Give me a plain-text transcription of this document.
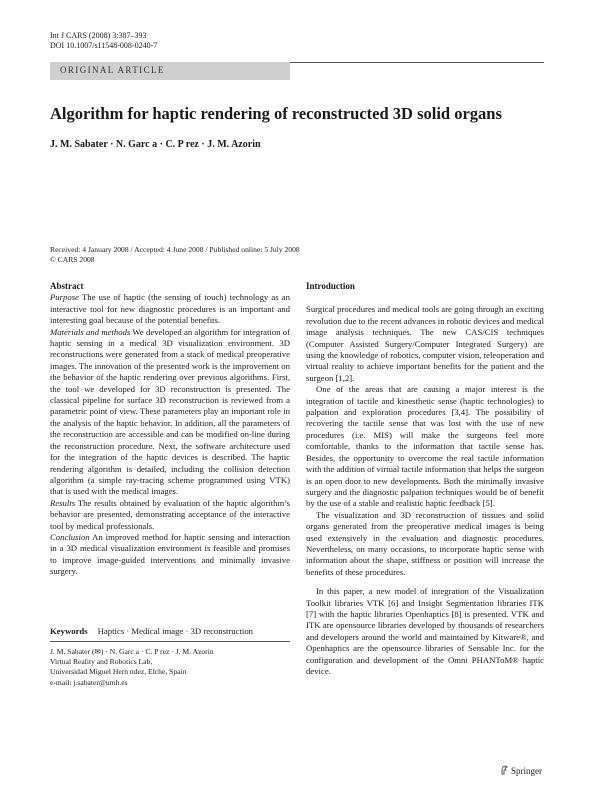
Int J CARS (2008) 3:387–393
DOI 10.1007/s11548-008-0240-7
ORIGINAL ARTICLE
Algorithm for haptic rendering of reconstructed 3D solid organs
J. M. Sabater · N. Garc a · C. P rez · J. M. Azorin
Received: 4 January 2008 / Accepted: 4 June 2008 / Published online: 5 July 2008
© CARS 2008
Abstract

Purpose The use of haptic (the sensing of touch) technology as an interactive tool for new diagnostic procedures is an important and interesting goal because of the potential benefits.

Materials and methods We developed an algorithm for integration of haptic sensing in a medical 3D visualization environment. 3D reconstructions were generated from a stack of medical preoperative images. The innovation of the presented work is the improvement on the behavior of the haptic rendering over previous algorithms. First, the tool we developed for 3D reconstruction is presented. The classical pipeline for surface 3D reconstruction is reviewed from a parametric point of view. These parameters play an important role in the analysis of the haptic behavior. In addition, all the parameters of the reconstruction are accessible and can be modified on-line during the reconstruction procedure. Next, the software architecture used for the integration of the haptic devices is described. The haptic rendering algorithm is detailed, including the collision detection algorithm (a simple ray-tracing scheme programmed using VTK) that is used with the medical images.

Results The results obtained by evaluation of the haptic algorithm’s behavior are presented, demonstrating acceptance of the interactive tool by medical professionals.

Conclusion An improved method for haptic sensing and interaction in a 3D medical visualization environment is feasible and promises to improve image-guided interventions and minimally invasive surgery.

Keywords Haptics · Medical image · 3D reconstruction
J. M. Sabater (✉) · N. Garc a · C. P rez · J. M. Azorin
Virtual Reality and Robotics Lab,
Universidad Miguel Hern ndez, Elche, Spain
e-mail: j.sabater@umh.es
Introduction

Surgical procedures and medical tools are going through an exciting revolution due to the recent advances in robotic devices and medical image analysis techniques. The new CAS/CIS techniques (Computer Assisted Surgery/Computer Integrated Surgery) are using the knowledge of robotics, computer vision, teleoperation and virtual reality to achieve important benefits for the patient and the surgeon [1,2].

One of the areas that are causing a major interest is the integration of tactile and kinesthetic sense (haptic technologies) to palpation and exploration procedures [3,4]. The possibility of recovering the tactile sense that was lost with the use of new procedures (i.e. MIS) will make the surgeons feel more comfortable, thanks to the information that tactile sense has. Besides, the opportunity to overcome the real tactile information with the addition of virtual tactile information that helps the surgeon is an open door to new developments. Both the minimally invasive surgery and the diagnostic palpation techniques would be of benefit by the use of a stable and realistic haptic feedback [5].

The visualization and 3D reconstruction of tissues and solid organs generated from the preoperative medical images is being used extensively in the evaluation and diagnostic procedures. Nevertheless, on many occasions, to incorporate haptic sense with information about the shape, stiffness or position will increase the benefits of these procedures.

In this paper, a new model of integration of the Visualization Toolkit libraries VTK [6] and Insight Segmentation libraries ITK [7] with the haptic libraries Openhaptics [8] is presented. VTK and ITK are opensource libraries developed by thousands of researchers and developers around the world and maintained by Kitware®, and Openhaptics are the opensource libraries of Sensable Inc. for the configuration and development of the Omni PHANToM® haptic device.

Springer
